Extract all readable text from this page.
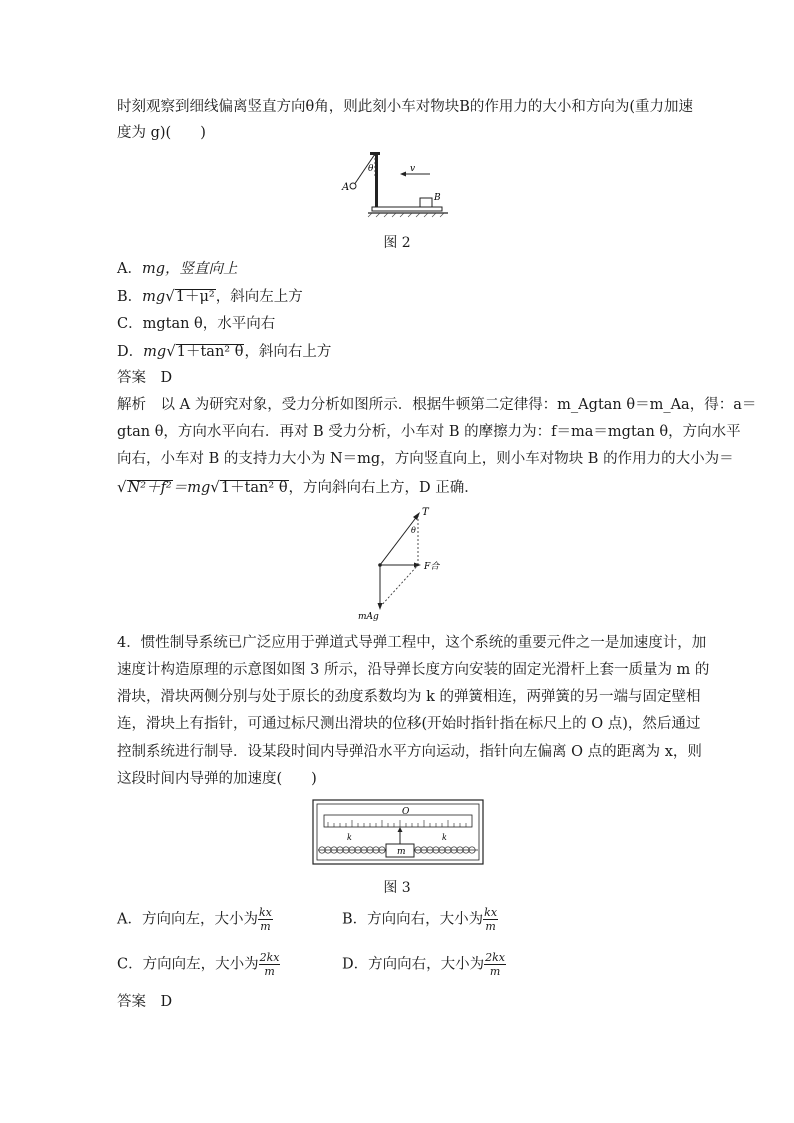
时刻观察到细线偏离竖直方向θ角，则此刻小车对物块B的作用力的大小和方向为(重力加速
度为 g)(　　)
θ
A
v
B
图 2
A．mg，竖直向上
B．mg√1＋μ²，斜向左上方
C．mgtan θ，水平向右
D．mg√1＋tan² θ，斜向右上方
答案　 D
解析　 以 A 为研究对象，受力分析如图所示．根据牛顿第二定律得：m_Agtan θ＝m_Aa，得：a＝
gtan θ，方向水平向右．再对 B 受力分析，小车对 B 的摩擦力为：f＝ma＝mgtan θ，方向水平
向右，小车对 B 的支持力大小为 N＝mg，方向竖直向上，则小车对物块 B 的作用力的大小为＝
√N²＋f²＝mg√1＋tan² θ，方向斜向右上方，D 正确．
T
θ
F合
mAg
4．惯性制导系统已广泛应用于弹道式导弹工程中，这个系统的重要元件之一是加速度计，加
速度计构造原理的示意图如图 3 所示，沿导弹长度方向安装的固定光滑杆上套一质量为 m 的
滑块，滑块两侧分别与处于原长的劲度系数均为 k 的弹簧相连，两弹簧的另一端与固定壁相
连，滑块上有指针，可通过标尺测出滑块的位移(开始时指针指在标尺上的 O 点)，然后通过
控制系统进行制导．设某段时间内导弹沿水平方向运动，指针向左偏离 O 点的距离为 x，则
这段时间内导弹的加速度(　　)
O
k	k
m
图 3
A．方向向左，大小为 $\frac{kx}{m}$	B．方向向右，大小为 $\frac{kx}{m}$
C．方向向左，大小为 $\frac{2kx}{m}$	D．方向向右，大小为 $\frac{2kx}{m}$
答案　 D
